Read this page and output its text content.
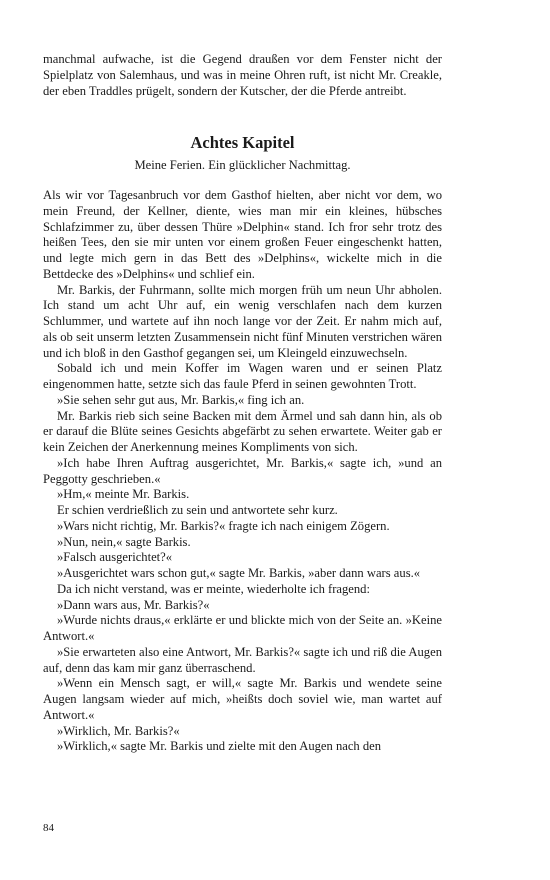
manchmal aufwache, ist die Gegend draußen vor dem Fenster nicht der Spielplatz von Salemhaus, und was in meine Ohren ruft, ist nicht Mr. Creakle, der eben Traddles prügelt, sondern der Kutscher, der die Pferde antreibt.

Achtes Kapitel

Meine Ferien. Ein glücklicher Nachmittag.

Als wir vor Tagesanbruch vor dem Gasthof hielten, aber nicht vor dem, wo mein Freund, der Kellner, diente, wies man mir ein kleines, hübsches Schlafzimmer zu, über dessen Thüre »Delphin« stand. Ich fror sehr trotz des heißen Tees, den sie mir unten vor einem großen Feuer eingeschenkt hatten, und legte mich gern in das Bett des »Delphins«, wickelte mich in die Bettdecke des »Delphins« und schlief ein.

Mr. Barkis, der Fuhrmann, sollte mich morgen früh um neun Uhr abholen. Ich stand um acht Uhr auf, ein wenig verschlafen nach dem kurzen Schlummer, und wartete auf ihn noch lange vor der Zeit. Er nahm mich auf, als ob seit unserm letzten Zusammensein nicht fünf Minuten verstrichen wären und ich bloß in den Gasthof gegangen sei, um Kleingeld einzuwechseln.

Sobald ich und mein Koffer im Wagen waren und er seinen Platz eingenommen hatte, setzte sich das faule Pferd in seinen gewohnten Trott.

»Sie sehen sehr gut aus, Mr. Barkis,« fing ich an.

Mr. Barkis rieb sich seine Backen mit dem Ärmel und sah dann hin, als ob er darauf die Blüte seines Gesichts abgefärbt zu sehen erwartete. Weiter gab er kein Zeichen der Anerkennung meines Kompliments von sich.

»Ich habe Ihren Auftrag ausgerichtet, Mr. Barkis,« sagte ich, »und an Peggotty geschrieben.«

»Hm,« meinte Mr. Barkis.

Er schien verdrießlich zu sein und antwortete sehr kurz.

»Wars nicht richtig, Mr. Barkis?« fragte ich nach einigem Zögern.

»Nun, nein,« sagte Barkis.

»Falsch ausgerichtet?«

»Ausgerichtet wars schon gut,« sagte Mr. Barkis, »aber dann wars aus.«

Da ich nicht verstand, was er meinte, wiederholte ich fragend:

»Dann wars aus, Mr. Barkis?«

»Wurde nichts draus,« erklärte er und blickte mich von der Seite an. »Keine Antwort.«

»Sie erwarteten also eine Antwort, Mr. Barkis?« sagte ich und riß die Augen auf, denn das kam mir ganz überraschend.

»Wenn ein Mensch sagt, er will,« sagte Mr. Barkis und wendete seine Augen langsam wieder auf mich, »heißts doch soviel wie, man wartet auf Antwort.«

»Wirklich, Mr. Barkis?«

»Wirklich,« sagte Mr. Barkis und zielte mit den Augen nach den

84
